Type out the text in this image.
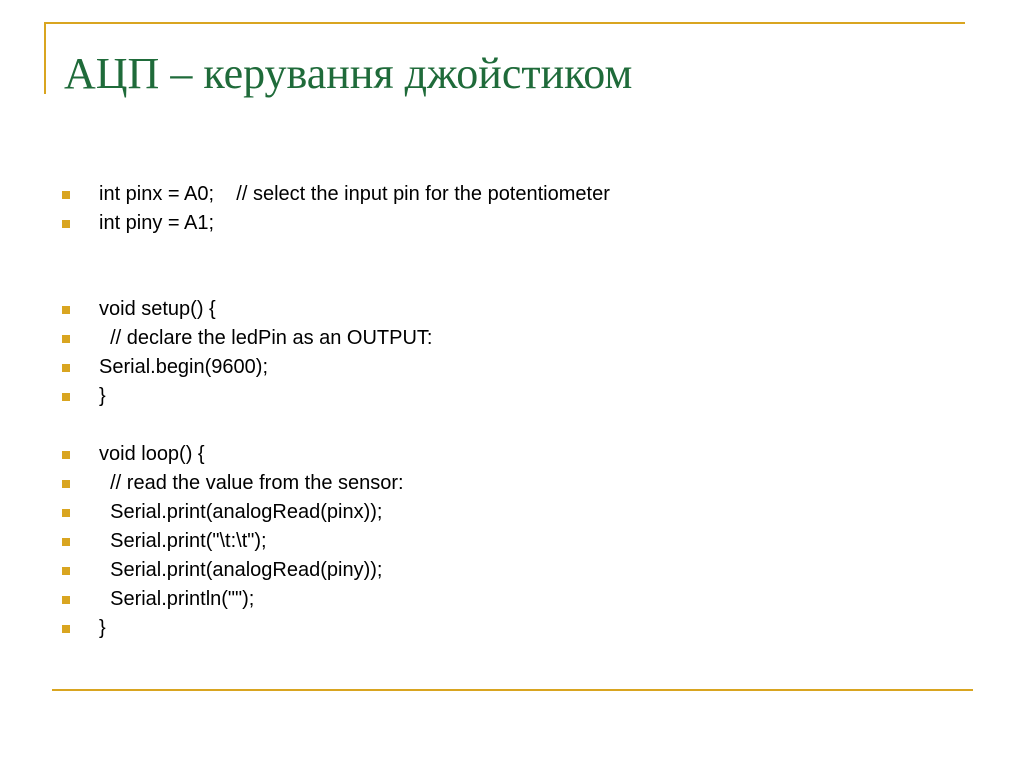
АЦП – керування джойстиком
int pinx = A0;    // select the input pin for the potentiometer
int piny = A1;
void setup() {
// declare the ledPin as an OUTPUT:
Serial.begin(9600);
}
void loop() {
// read the value from the sensor:
Serial.print(analogRead(pinx));
Serial.print("\t:\t");
Serial.print(analogRead(piny));
Serial.println("");
}
